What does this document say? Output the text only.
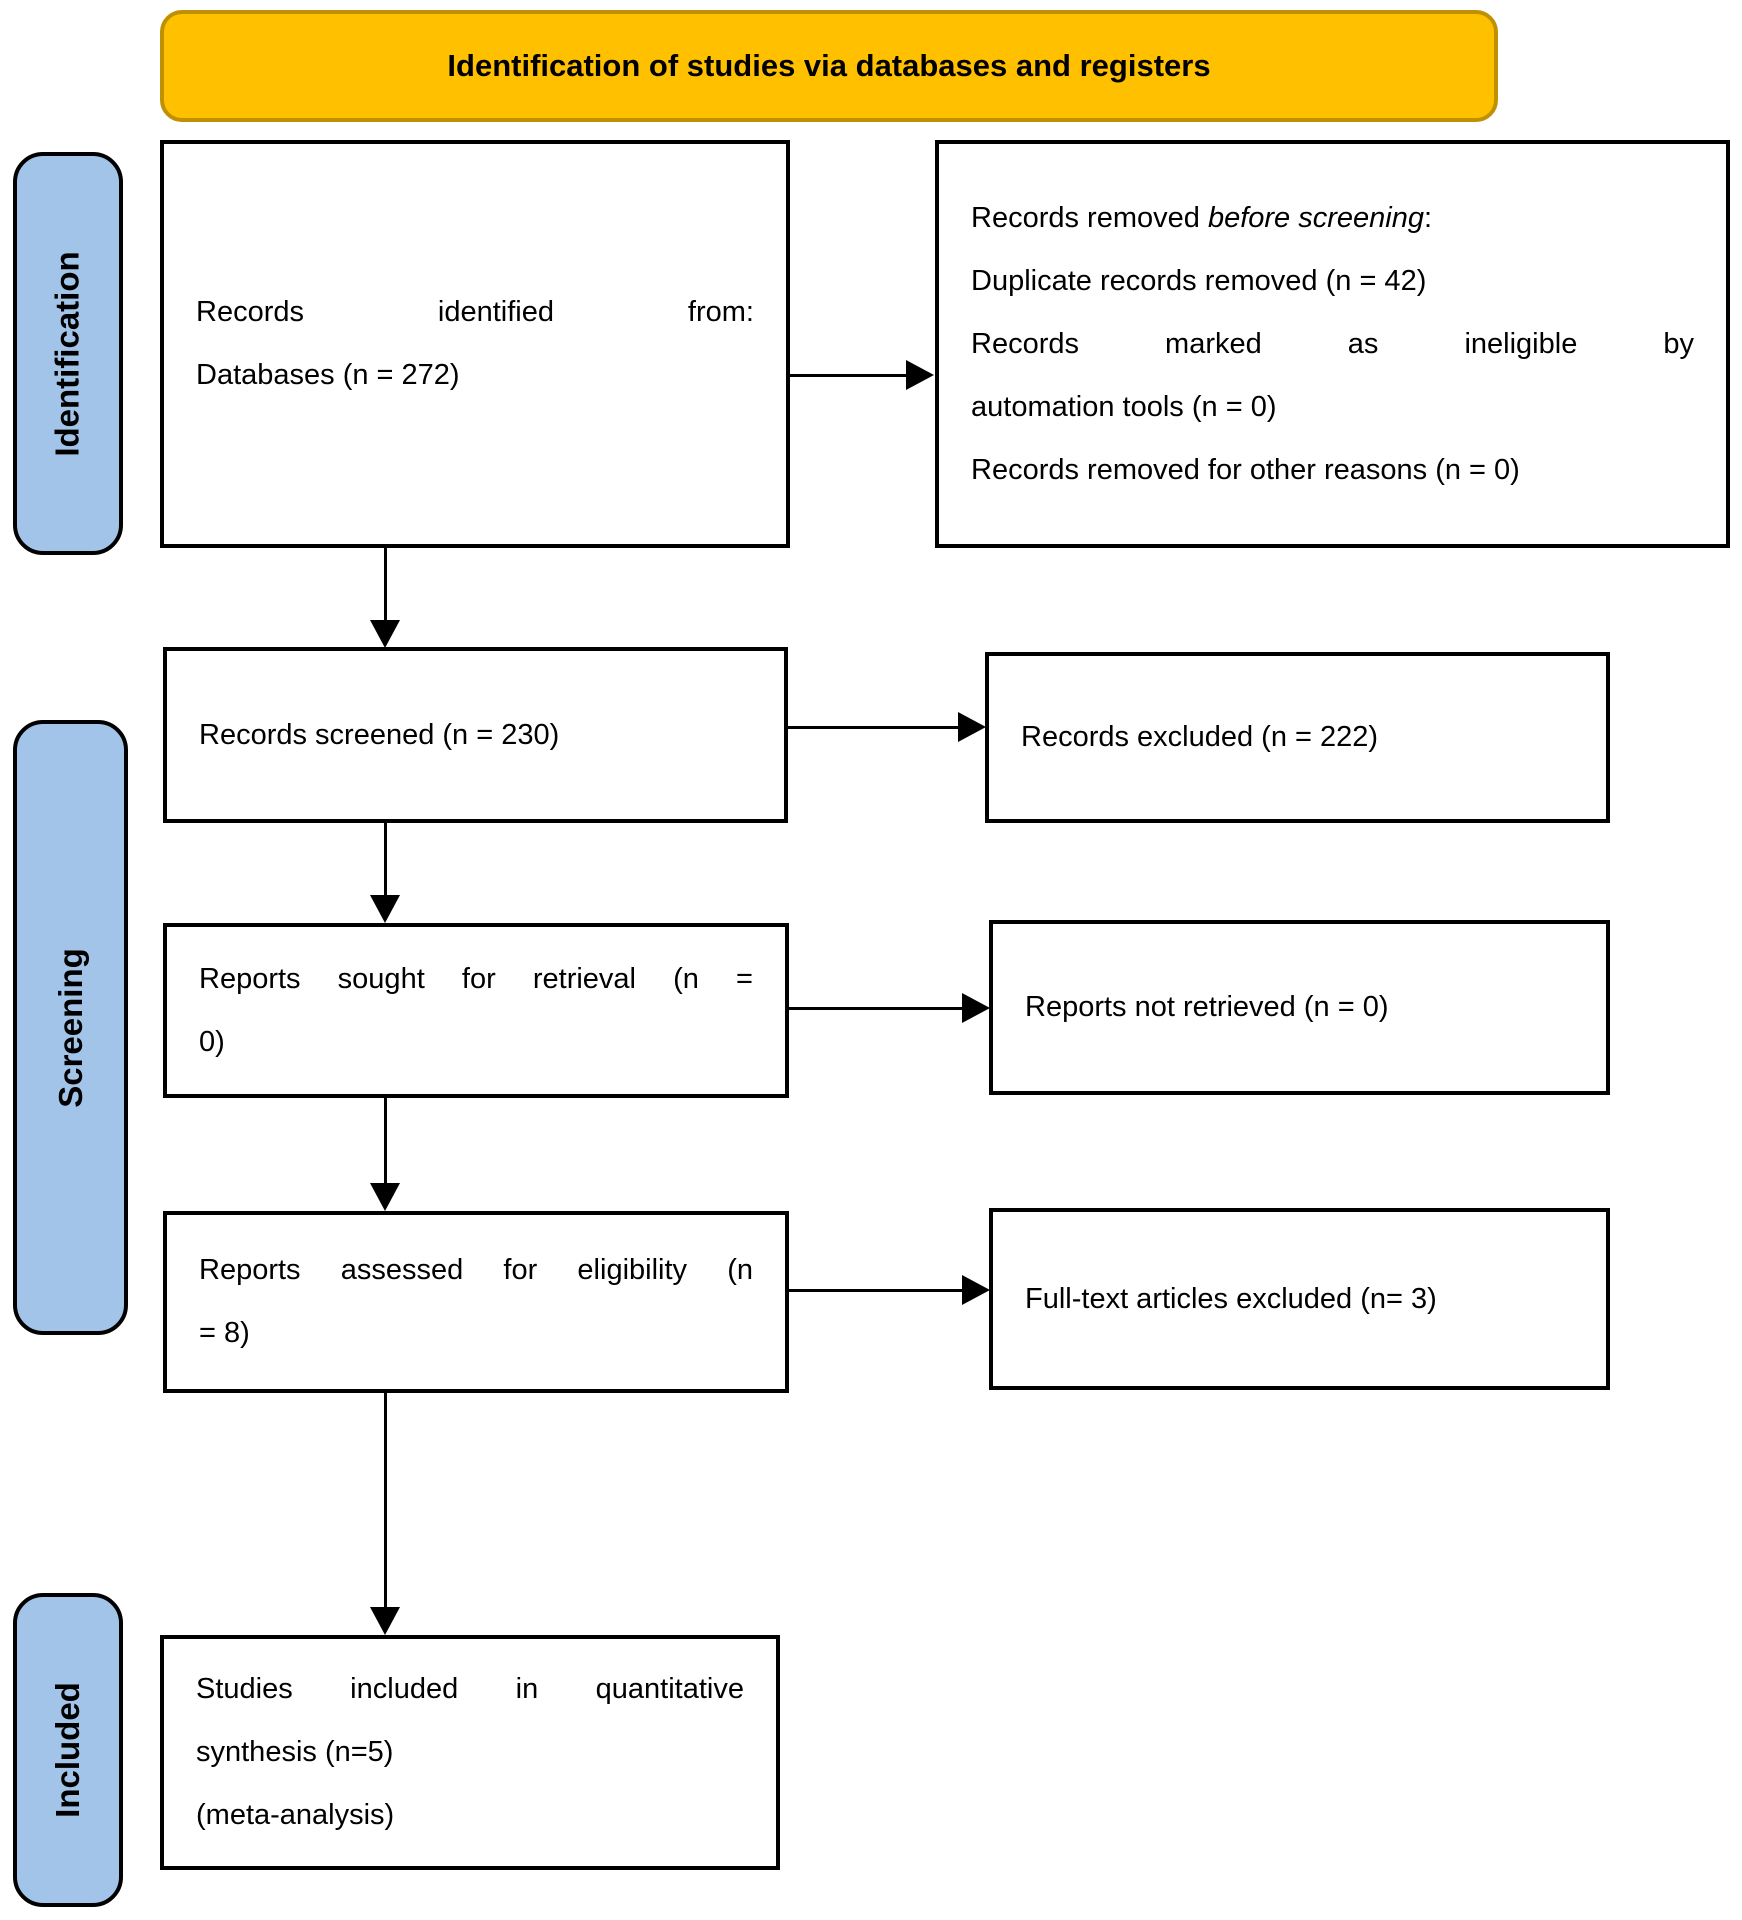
Identification of studies via databases and registers
Identification
Screening
Included
Records identified from:
Databases (n = 272)
Records removed before screening:
Duplicate records removed (n = 42)
Records marked as ineligible by
automation tools (n = 0)
Records removed for other reasons (n = 0)
Records screened (n = 230)	Records excluded (n = 222)
Reports sought for retrieval (n =
0)
Reports not retrieved (n = 0)
Reports assessed for eligibility (n
= 8)
Full-text articles excluded (n= 3)
Studies included in quantitative
synthesis (n=5)
(meta-analysis)
